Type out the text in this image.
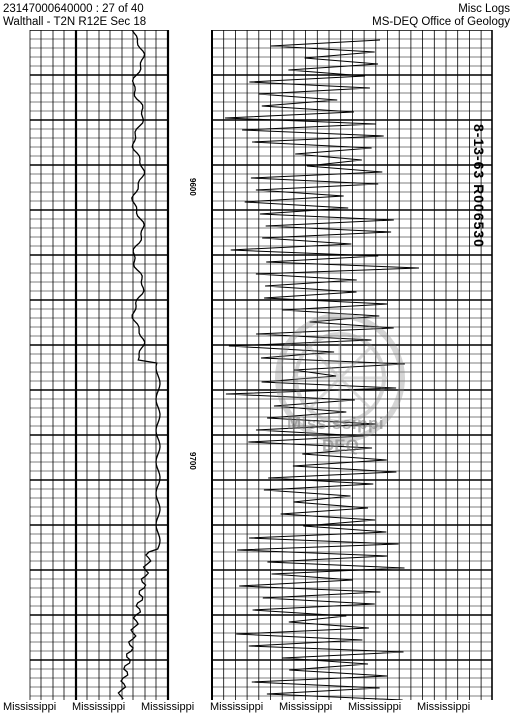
23147000640000 : 27 of 40
Walthall - T2N R12E Sec 18
Misc Logs
MS-DEQ Office of Geology
9600
9700
8-13-63 R006530
Mississippi
DEQ
Mississippi Mississippi Mississippi Mississippi Mississippi Mississippi Mississippi
